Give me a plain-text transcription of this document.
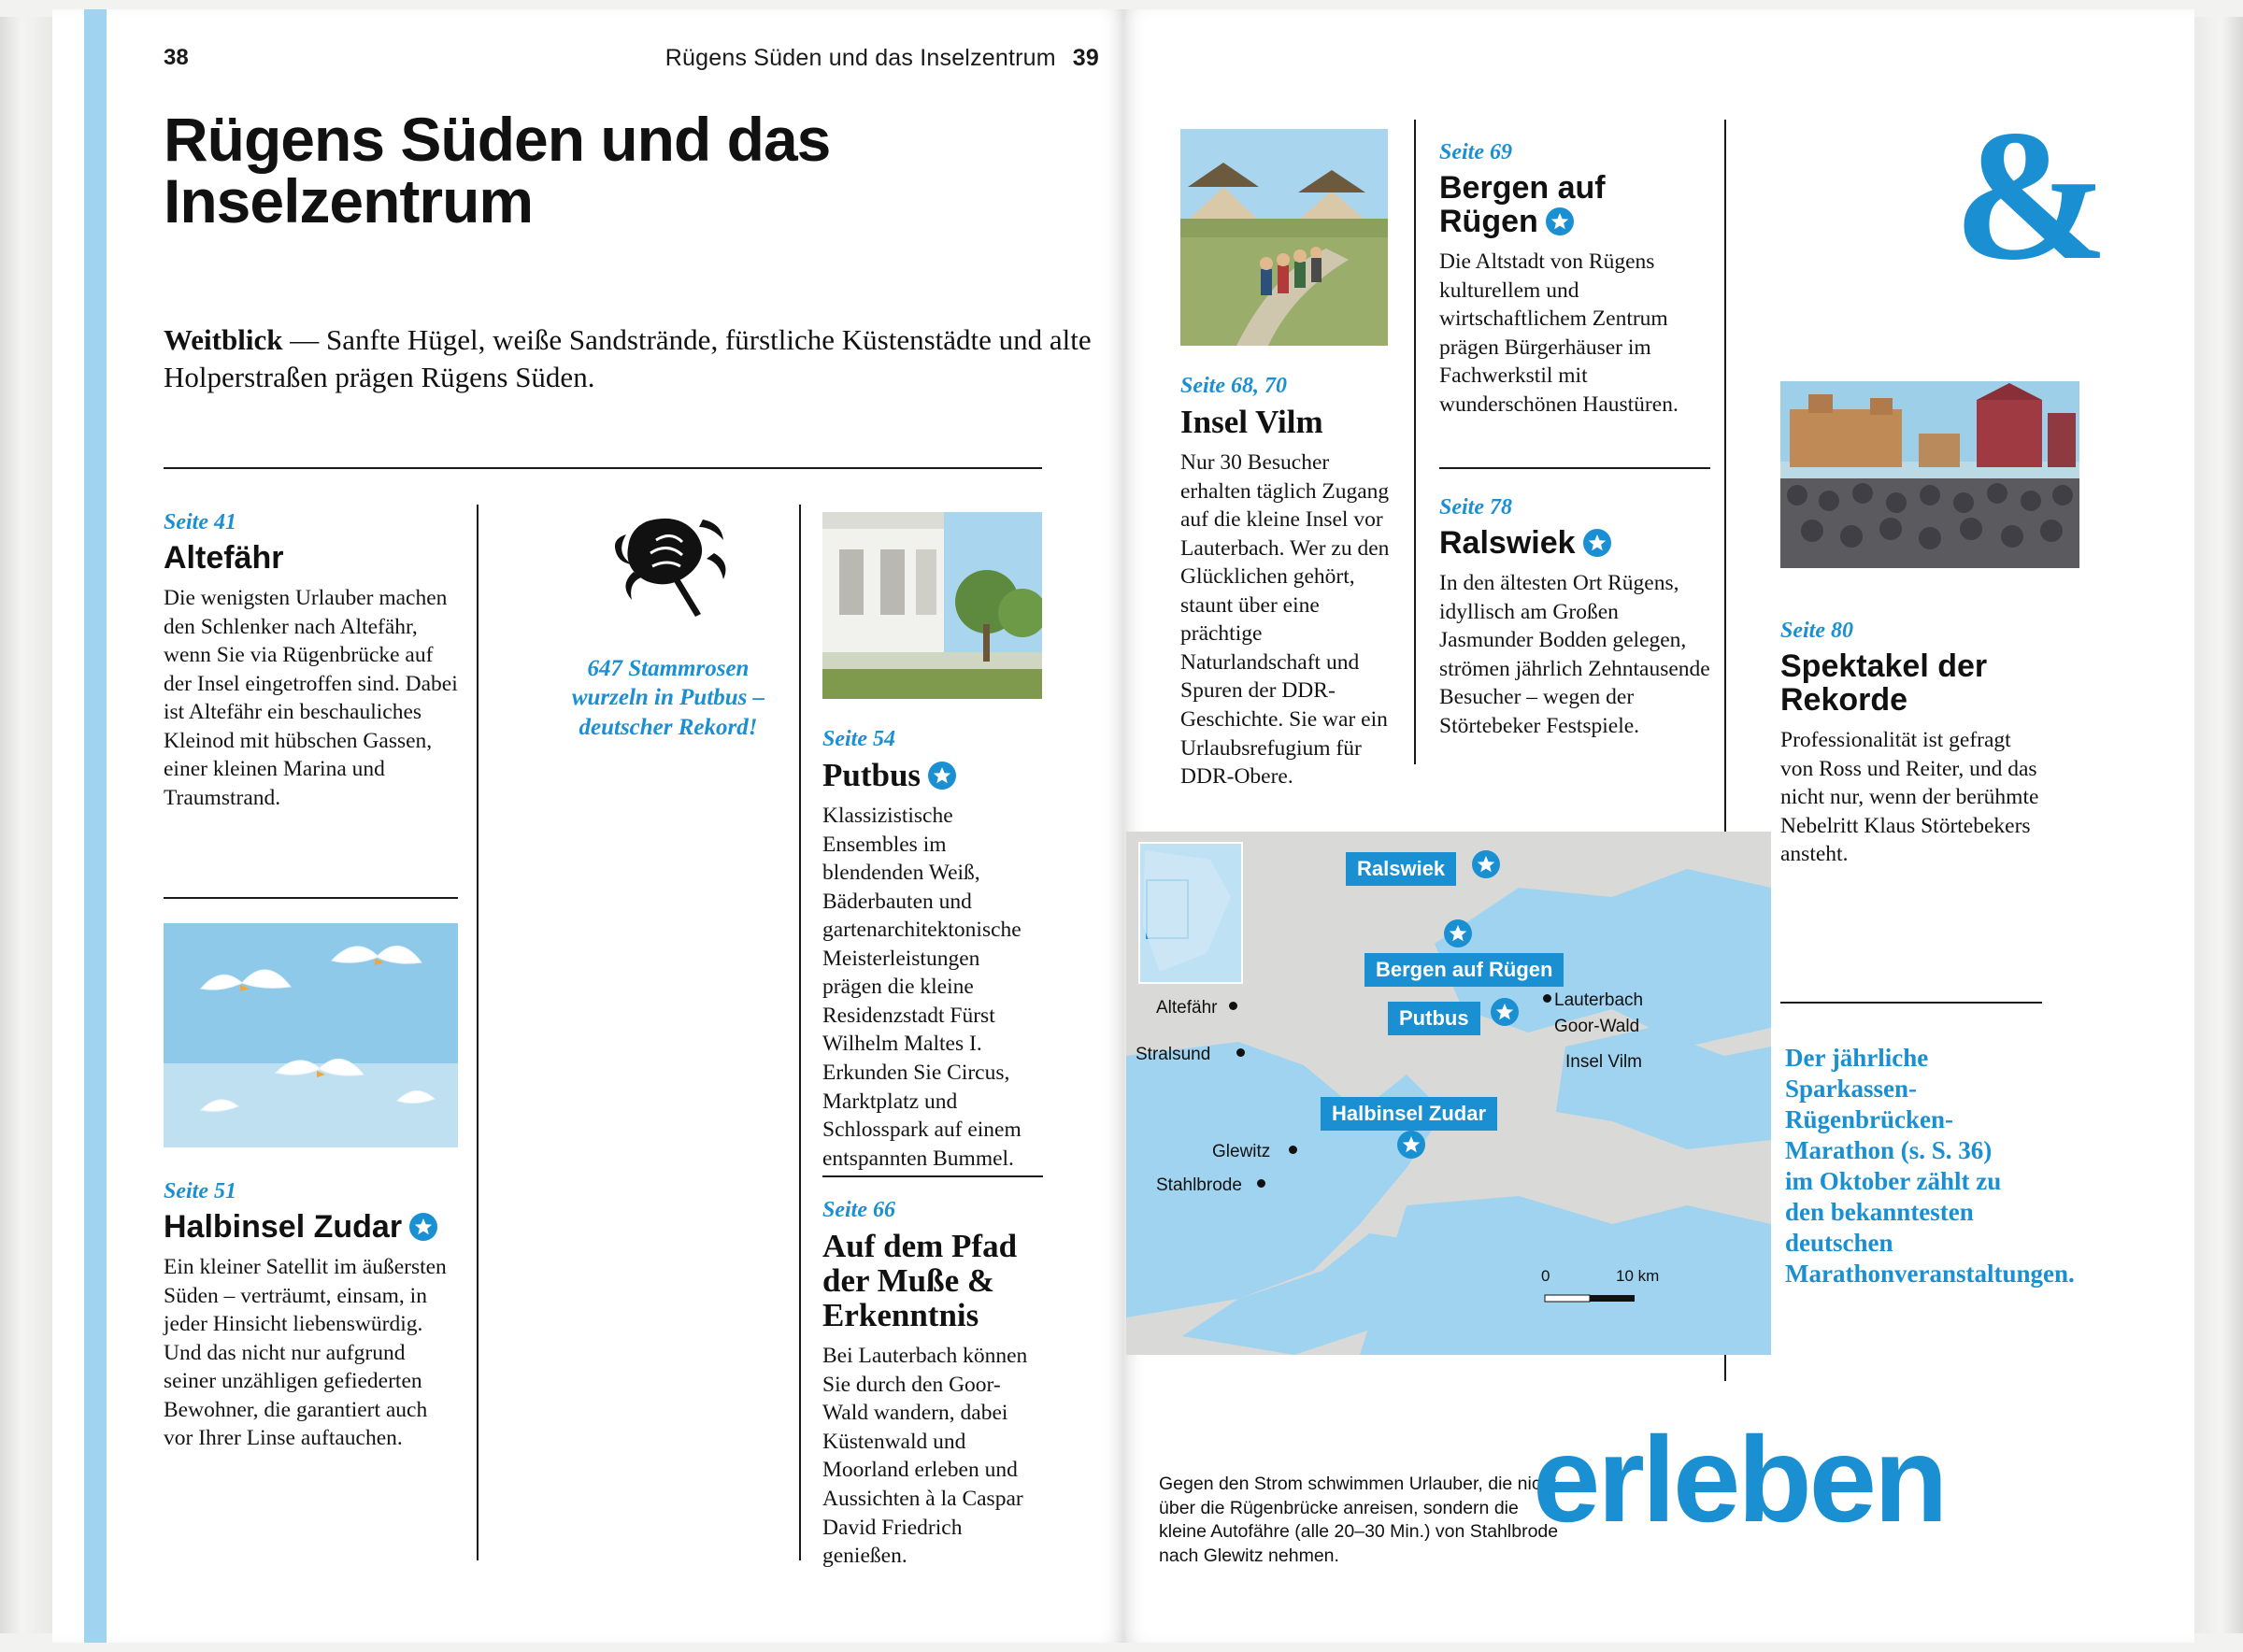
38	Rügens Süden und das Inselzentrum 39
Rügens Süden und das Inselzentrum
Weitblick — Sanfte Hügel, weiße Sandstrände, fürstliche Küstenstädte und alte Holperstraßen prägen Rügens Süden.
Seite 41
Altefähr

Die wenigsten Urlauber machen den Schlenker nach Altefähr, wenn Sie via Rügenbrücke auf der Insel eingetroffen sind. Dabei ist Altefähr ein beschauliches Kleinod mit hübschen Gassen, einer kleinen Marina und Traumstrand.

Seite 51
Halbinsel Zudar

Ein kleiner Satellit im äußersten Süden – verträumt, einsam, in jeder Hinsicht liebenswürdig. Und das nicht nur aufgrund seiner unzähligen gefiederten Bewohner, die garantiert auch vor Ihrer Linse auftauchen.

647 Stammrosen wurzeln in Putbus – deutscher Rekord!	Seite 54
Putbus

Klassizistische Ensembles im blendenden Weiß, Bäderbauten und gartenarchitektonische Meisterleistungen prägen die kleine Residenzstadt Fürst Wilhelm Maltes I. Erkunden Sie Circus, Marktplatz und Schlosspark auf einem entspannten Bummel.

Seite 66
Auf dem Pfad der Muße & Erkenntnis

Bei Lauterbach können Sie durch den Goor-Wald wandern, dabei Küstenwald und Moorland erleben und Aussichten à la Caspar David Friedrich genießen.

&
Seite 68, 70
Insel Vilm

Nur 30 Besucher erhalten täglich Zugang auf die kleine Insel vor Lauterbach. Wer zu den Glücklichen gehört, staunt über eine prächtige Naturlandschaft und Spuren der DDR-Geschichte. Sie war ein Urlaubsrefugium für DDR-Obere.

Seite 69
Bergen auf Rügen

Die Altstadt von Rügens kulturellem und wirtschaftlichem Zentrum prägen Bürgerhäuser im Fachwerkstil mit wunderschönen Haustüren.

Seite 78
Ralswiek

In den ältesten Ort Rügens, idyllisch am Großen Jasmunder Bodden gelegen, strömen jährlich Zehntausende Besucher – wegen der Störtebeker Festspiele.

Seite 80
Spektakel der Rekorde

Professionalität ist gefragt von Ross und Reiter, und das nicht nur, wenn der berühmte Nebelritt Klaus Störtebekers ansteht.

Der jährliche Sparkassen-Rügenbrücken-Marathon (s. S. 36) im Oktober zählt zu den bekanntesten deutschen Marathonveranstaltungen.
Ralswiek
Bergen auf Rügen
Putbus
Halbinsel Zudar
Altefähr
Stralsund
Lauterbach
Goor-Wald
Insel Vilm
Glewitz
Stahlbrode
0	10 km
Gegen den Strom schwimmen Urlauber, die nicht über die Rügenbrücke anreisen, sondern die kleine Autofähre (alle 20–30 Min.) von Stahlbrode nach Glewitz nehmen.
erleben
